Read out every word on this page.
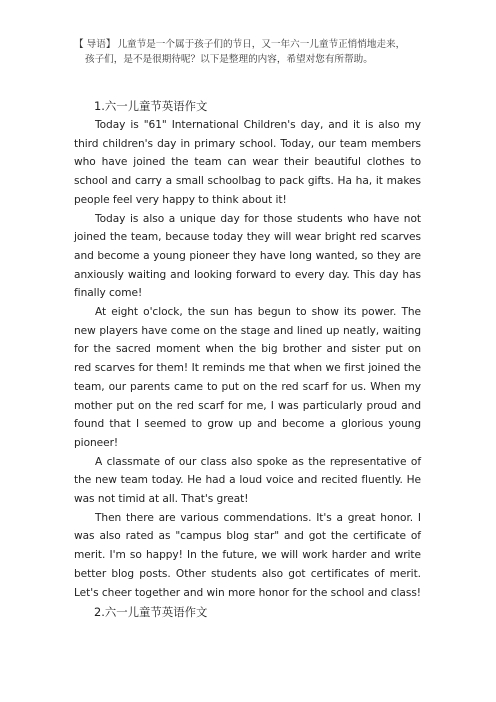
【 导语】 儿童节是一个属于孩子们的节日，又一年六一儿童节正悄悄地走来，
孩子们，是不是很期待呢？以下是整理的内容，希望对您有所帮助。
1.六一儿童节英语作文

Today is "61" International Children's day, and it is also my third children's day in primary school. Today, our team members who have joined the team can wear their beautiful clothes to school and carry a small schoolbag to pack gifts. Ha ha, it makes people feel very happy to think about it!

Today is also a unique day for those students who have not joined the team, because today they will wear bright red scarves and become a young pioneer they have long wanted, so they are anxiously waiting and looking forward to every day. This day has finally come!

At eight o'clock, the sun has begun to show its power. The new players have come on the stage and lined up neatly, waiting for the sacred moment when the big brother and sister put on red scarves for them! It reminds me that when we first joined the team, our parents came to put on the red scarf for us. When my mother put on the red scarf for me, I was particularly proud and found that I seemed to grow up and become a glorious young pioneer!

A classmate of our class also spoke as the representative of the new team today. He had a loud voice and recited fluently. He was not timid at all. That's great!

Then there are various commendations. It's a great honor. I was also rated as "campus blog star" and got the certificate of merit. I'm so happy! In the future, we will work harder and write better blog posts. Other students also got certificates of merit. Let's cheer together and win more honor for the school and class!

2.六一儿童节英语作文
